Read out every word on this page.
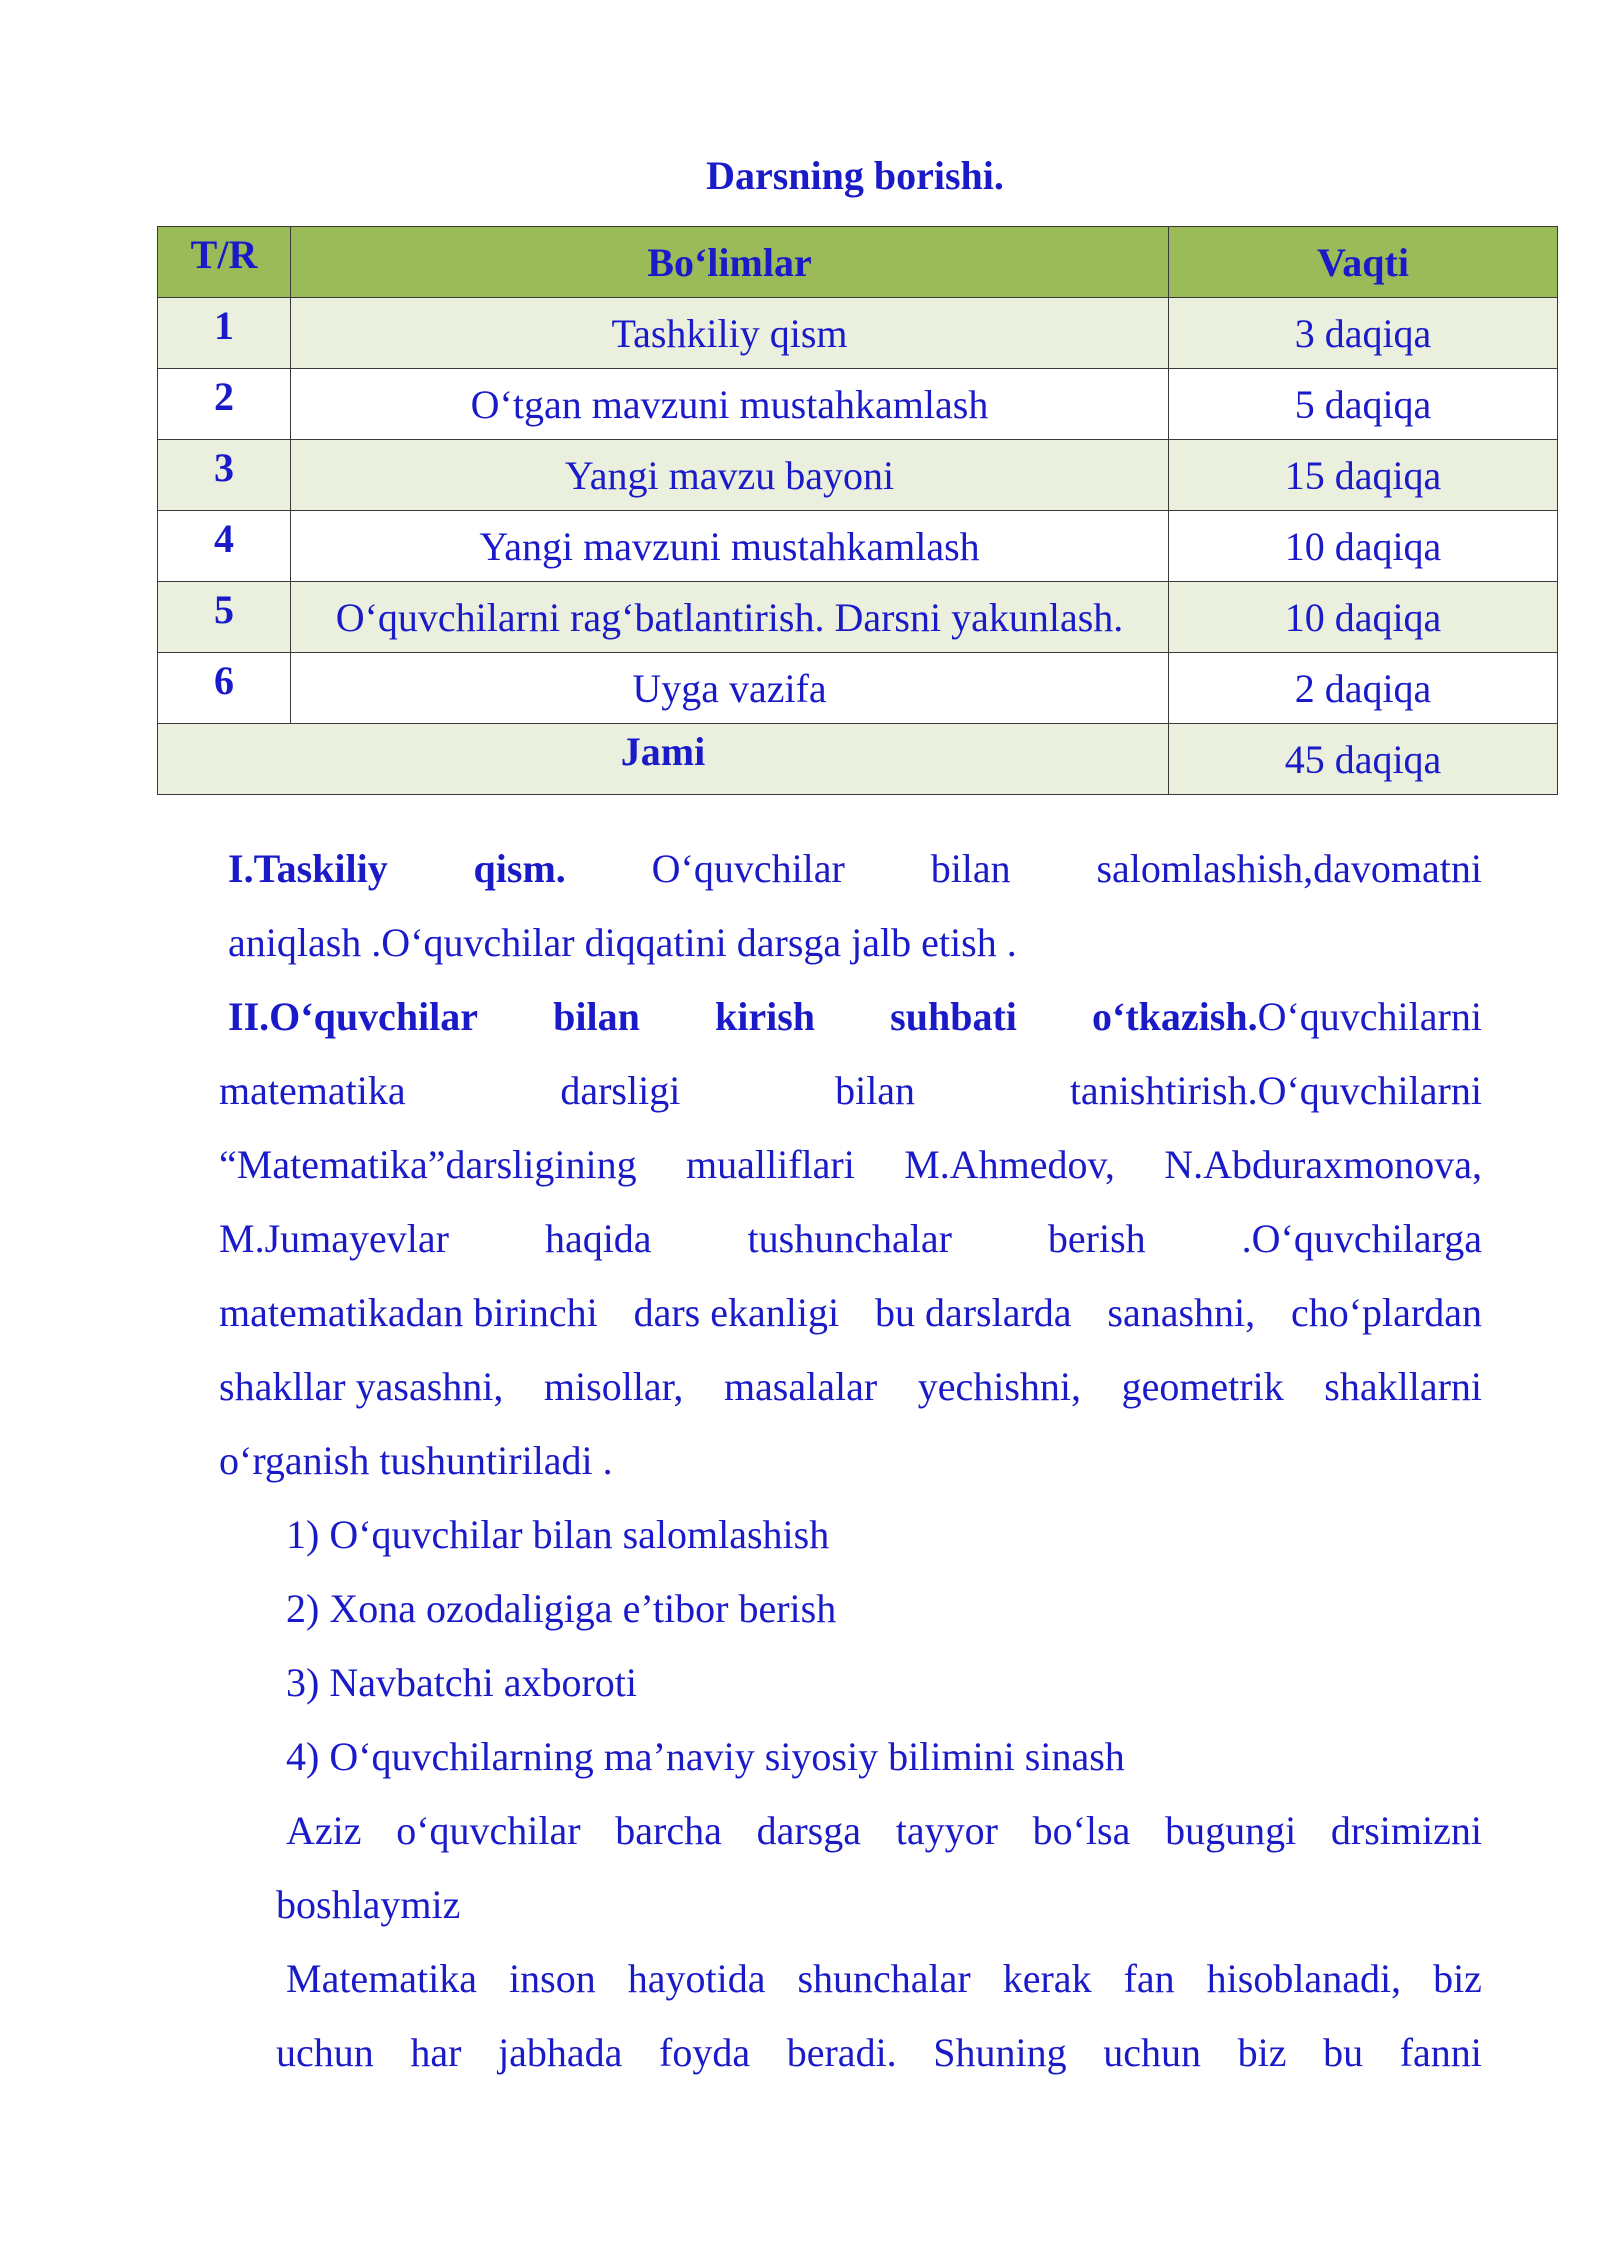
Darsning borishi.
T/R	Bo‘limlar	Vaqti
1	Tashkiliy qism	3 daqiqa
2	O‘tgan mavzuni mustahkamlash	5 daqiqa
3	Yangi mavzu bayoni	15 daqiqa
4	Yangi mavzuni mustahkamlash	10 daqiqa
5	O‘quvchilarni rag‘batlantirish. Darsni yakunlash.	10 daqiqa
6	Uyga vazifa	2 daqiqa
Jami		45 daqiqa
I.Taskiliy qism. O‘quvchilar bilan salomlashish,davomatni
aniqlash .O‘quvchilar diqqatini darsga jalb etish .
II.O‘quvchilar bilan kirish suhbati o‘tkazish.O‘quvchilarni
matematika	darsligi	bilan	tanishtirish.O‘quvchilarni
“Matematika”darsligining mualliflari M.Ahmedov, N.Abduraxmonova,
M.Jumayevlar haqida tushunchalar berish .O‘quvchilarga
matematikadan birinchi dars ekanligi bu darslarda sanashni, cho‘plardan
shakllar yasashni, misollar, masalalar yechishni, geometrik shakllarni
o‘rganish tushuntiriladi .
1) O‘quvchilar bilan salomlashish
2) Xona ozodaligiga e’tibor berish
3) Navbatchi axboroti
4) O‘quvchilarning ma’naviy siyosiy bilimini sinash
Aziz o‘quvchilar barcha darsga tayyor bo‘lsa bugungi drsimizni
boshlaymiz
Matematika inson hayotida shunchalar kerak fan hisoblanadi, biz
uchun har jabhada foyda beradi. Shuning uchun biz bu fanni
